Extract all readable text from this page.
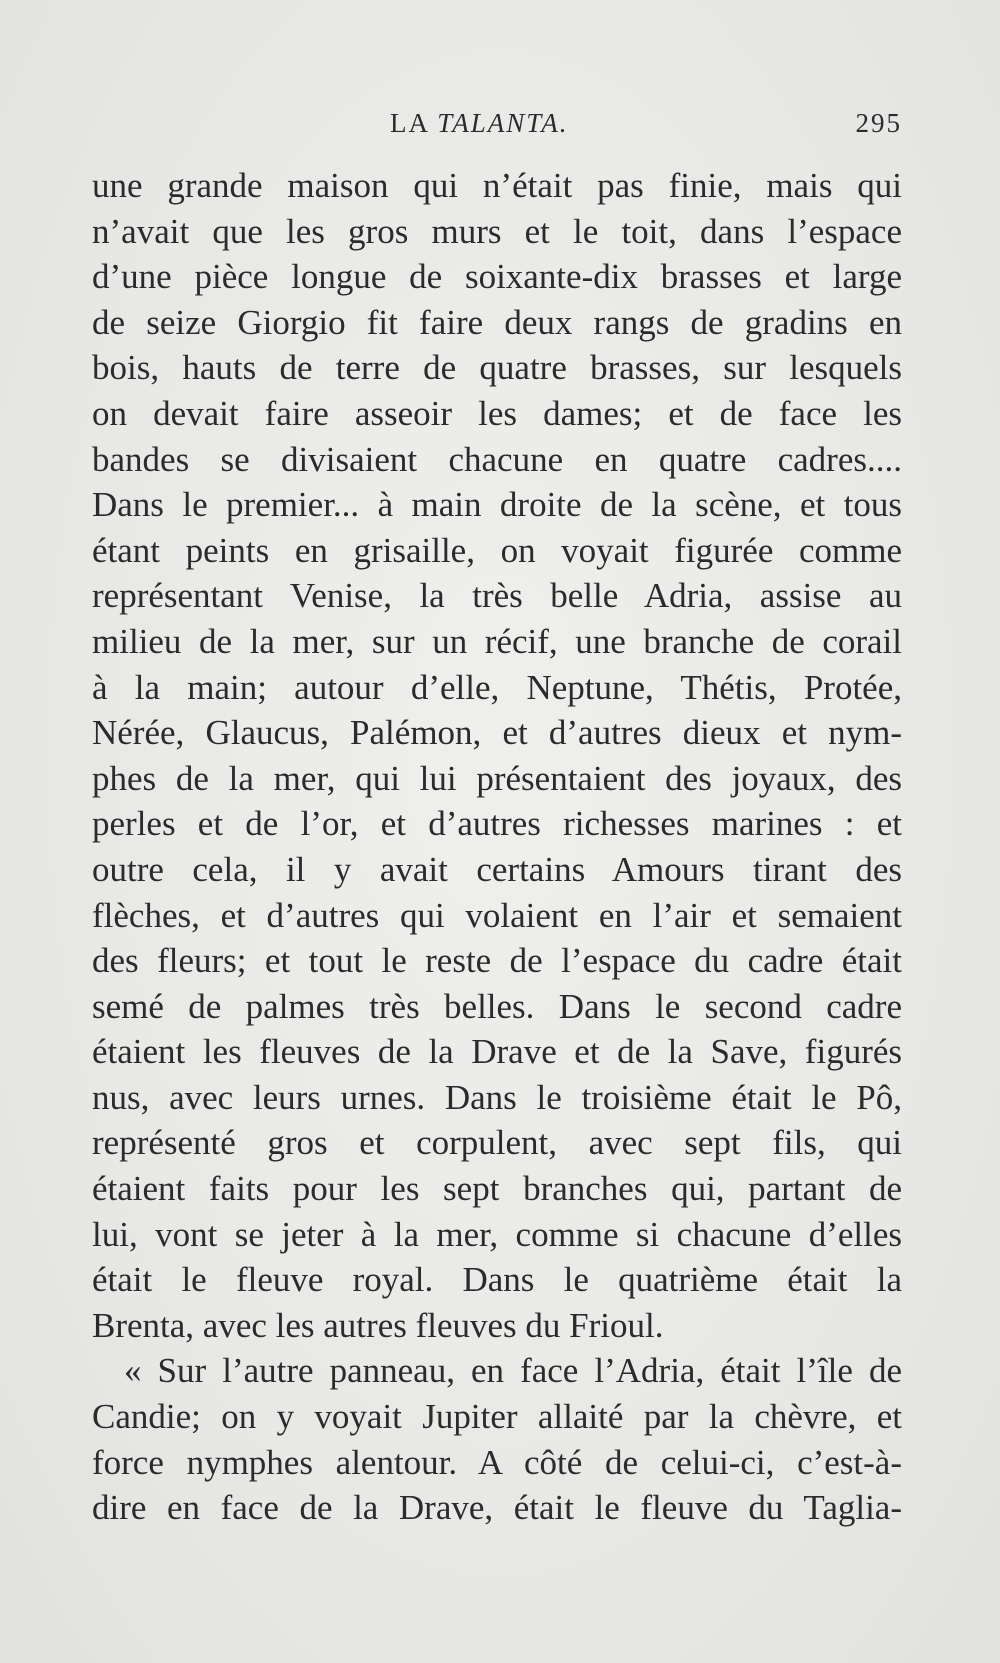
LA TALANTA.	295
une grande maison qui n’était pas finie, mais qui
n’avait que les gros murs et le toit, dans l’espace
d’une pièce longue de soixante-dix brasses et large
de seize Giorgio fit faire deux rangs de gradins en
bois, hauts de terre de quatre brasses, sur lesquels
on devait faire asseoir les dames; et de face les
bandes se divisaient chacune en quatre cadres....
Dans le premier... à main droite de la scène, et tous
étant peints en grisaille, on voyait figurée comme
représentant Venise, la très belle Adria, assise au
milieu de la mer, sur un récif, une branche de corail
à la main; autour d’elle, Neptune, Thétis, Protée,
Nérée, Glaucus, Palémon, et d’autres dieux et nym-
phes de la mer, qui lui présentaient des joyaux, des
perles et de l’or, et d’autres richesses marines : et
outre cela, il y avait certains Amours tirant des
flèches, et d’autres qui volaient en l’air et semaient
des fleurs; et tout le reste de l’espace du cadre était
semé de palmes très belles. Dans le second cadre
étaient les fleuves de la Drave et de la Save, figurés
nus, avec leurs urnes. Dans le troisième était le Pô,
représenté gros et corpulent, avec sept fils, qui
étaient faits pour les sept branches qui, partant de
lui, vont se jeter à la mer, comme si chacune d’elles
était le fleuve royal. Dans le quatrième était la
Brenta, avec les autres fleuves du Frioul.
« Sur l’autre panneau, en face l’Adria, était l’île de
Candie; on y voyait Jupiter allaité par la chèvre, et
force nymphes alentour. A côté de celui-ci, c’est-à-
dire en face de la Drave, était le fleuve du Taglia-
